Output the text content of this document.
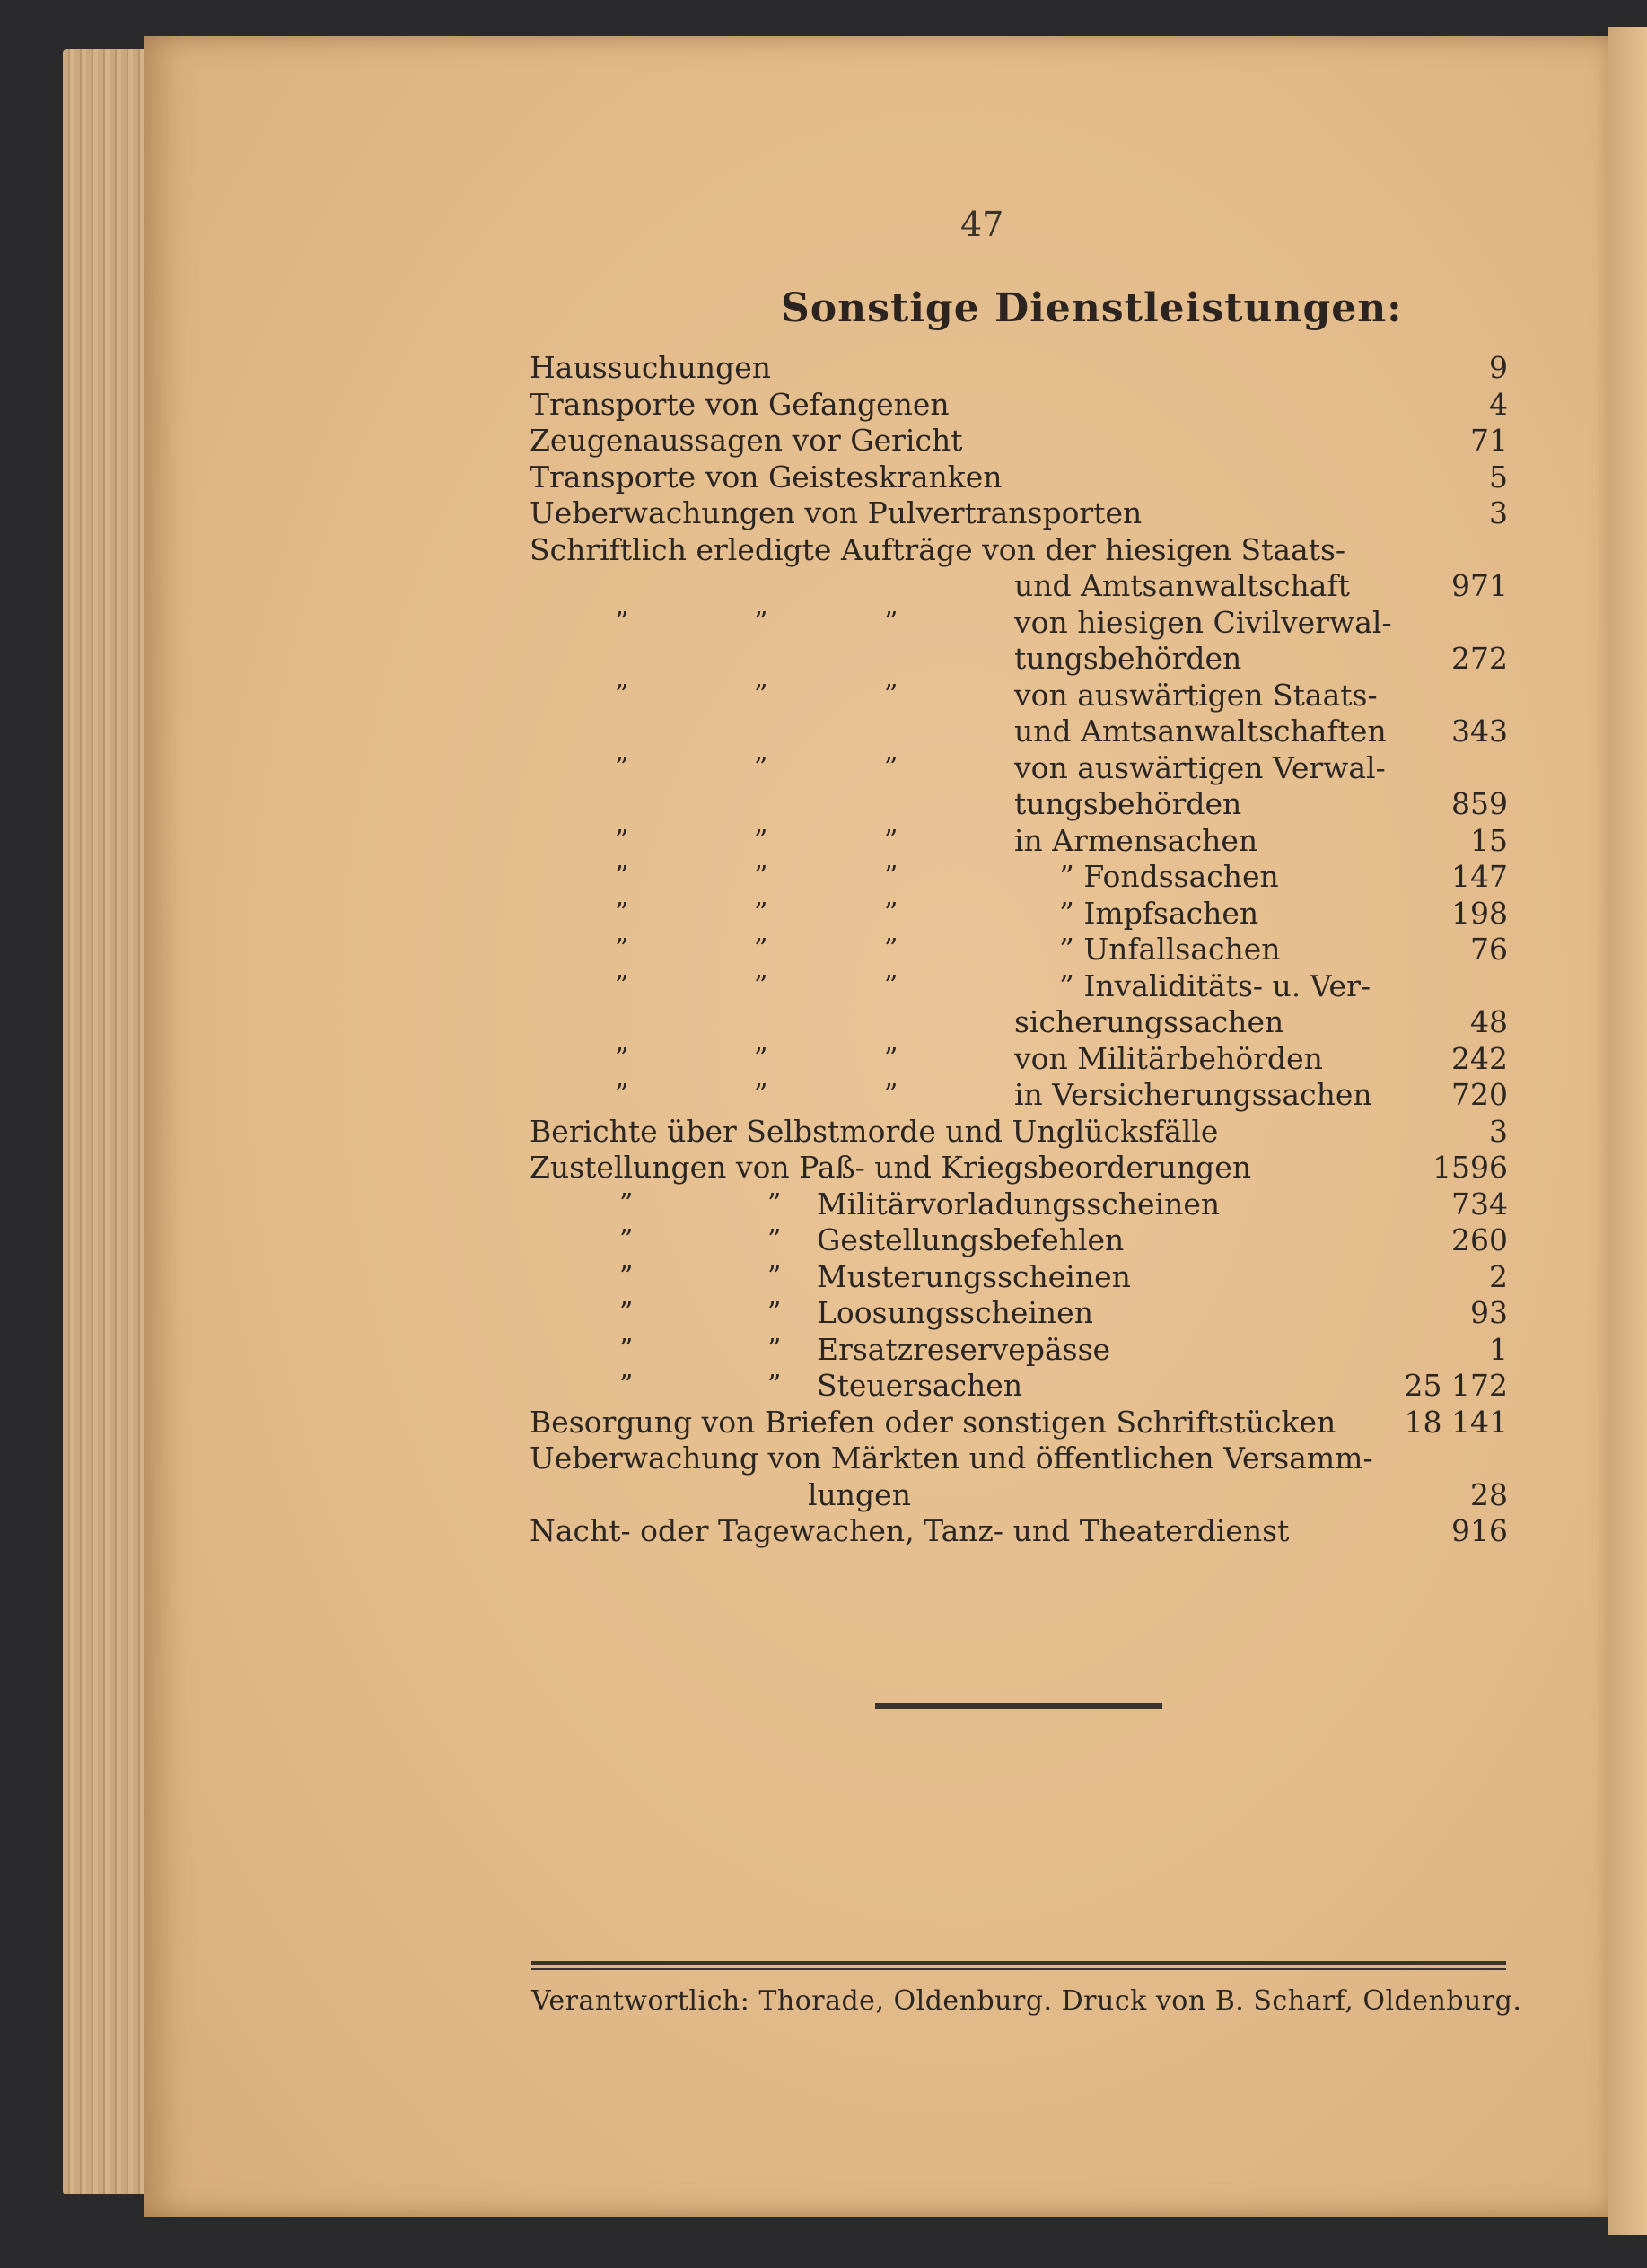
47
Sonstige Dienstleistungen:
Haussuchungen	9
Transporte von Gefangenen	4
Zeugenaussagen vor Gericht	71
Transporte von Geisteskranken	5
Ueberwachungen von Pulvertransporten	3
Schriftlich erledigte Aufträge von der hiesigen Staats-
und Amtsanwaltschaft	971
”	”	”	von hiesigen Civilverwal-
tungsbehörden	272
”	”	”	von auswärtigen Staats-
und Amtsanwaltschaften 343
”	”	”	von auswärtigen Verwal-
tungsbehörden	859
”	”	”	in Armensachen	15
”	”	”	” Fondssachen	147
”	”	”	” Impfsachen	198
”	”	”	” Unfallsachen	76
”	”	”	” Invaliditäts- u. Ver-
sicherungssachen	48
”	”	”	von Militärbehörden	242
”	”	”	in Versicherungssachen	720
Berichte über Selbstmorde und Unglücksfälle	3
Zustellungen von Paß- und Kriegsbeorderungen	1596
”	” Militärvorladungsscheinen	734
”	” Gestellungsbefehlen	260
”	” Musterungsscheinen	2
”	” Loosungsscheinen	93
”	” Ersatzreservepässe	1
”	” Steuersachen	25 172
Besorgung von Briefen oder sonstigen Schriftstücken 18 141
Ueberwachung von Märkten und öffentlichen Versamm-
lungen	28
Nacht- oder Tagewachen, Tanz- und Theaterdienst	916
Verantwortlich: Thorade, Oldenburg. Druck von B. Scharf, Oldenburg.
